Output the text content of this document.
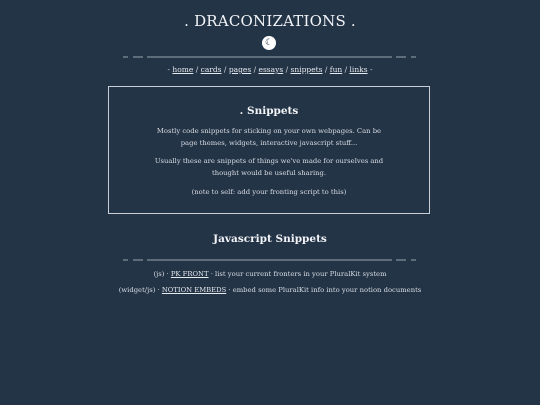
. DRACONIZATIONS .
☾
- home / cards / pages / essays / snippets / fun / links -
. Snippets

Mostly code snippets for sticking on your own webpages. Can be page themes, widgets, interactive javascript stuff...

Usually these are snippets of things we've made for ourselves and thought would be useful sharing.

(note to self: add your fronting script to this)

Javascript Snippets
(js) · PK FRONT · list your current fronters in your PluralKit system
(widget/js) · NOTION EMBEDS · embed some PluralKit info into your notion documents
